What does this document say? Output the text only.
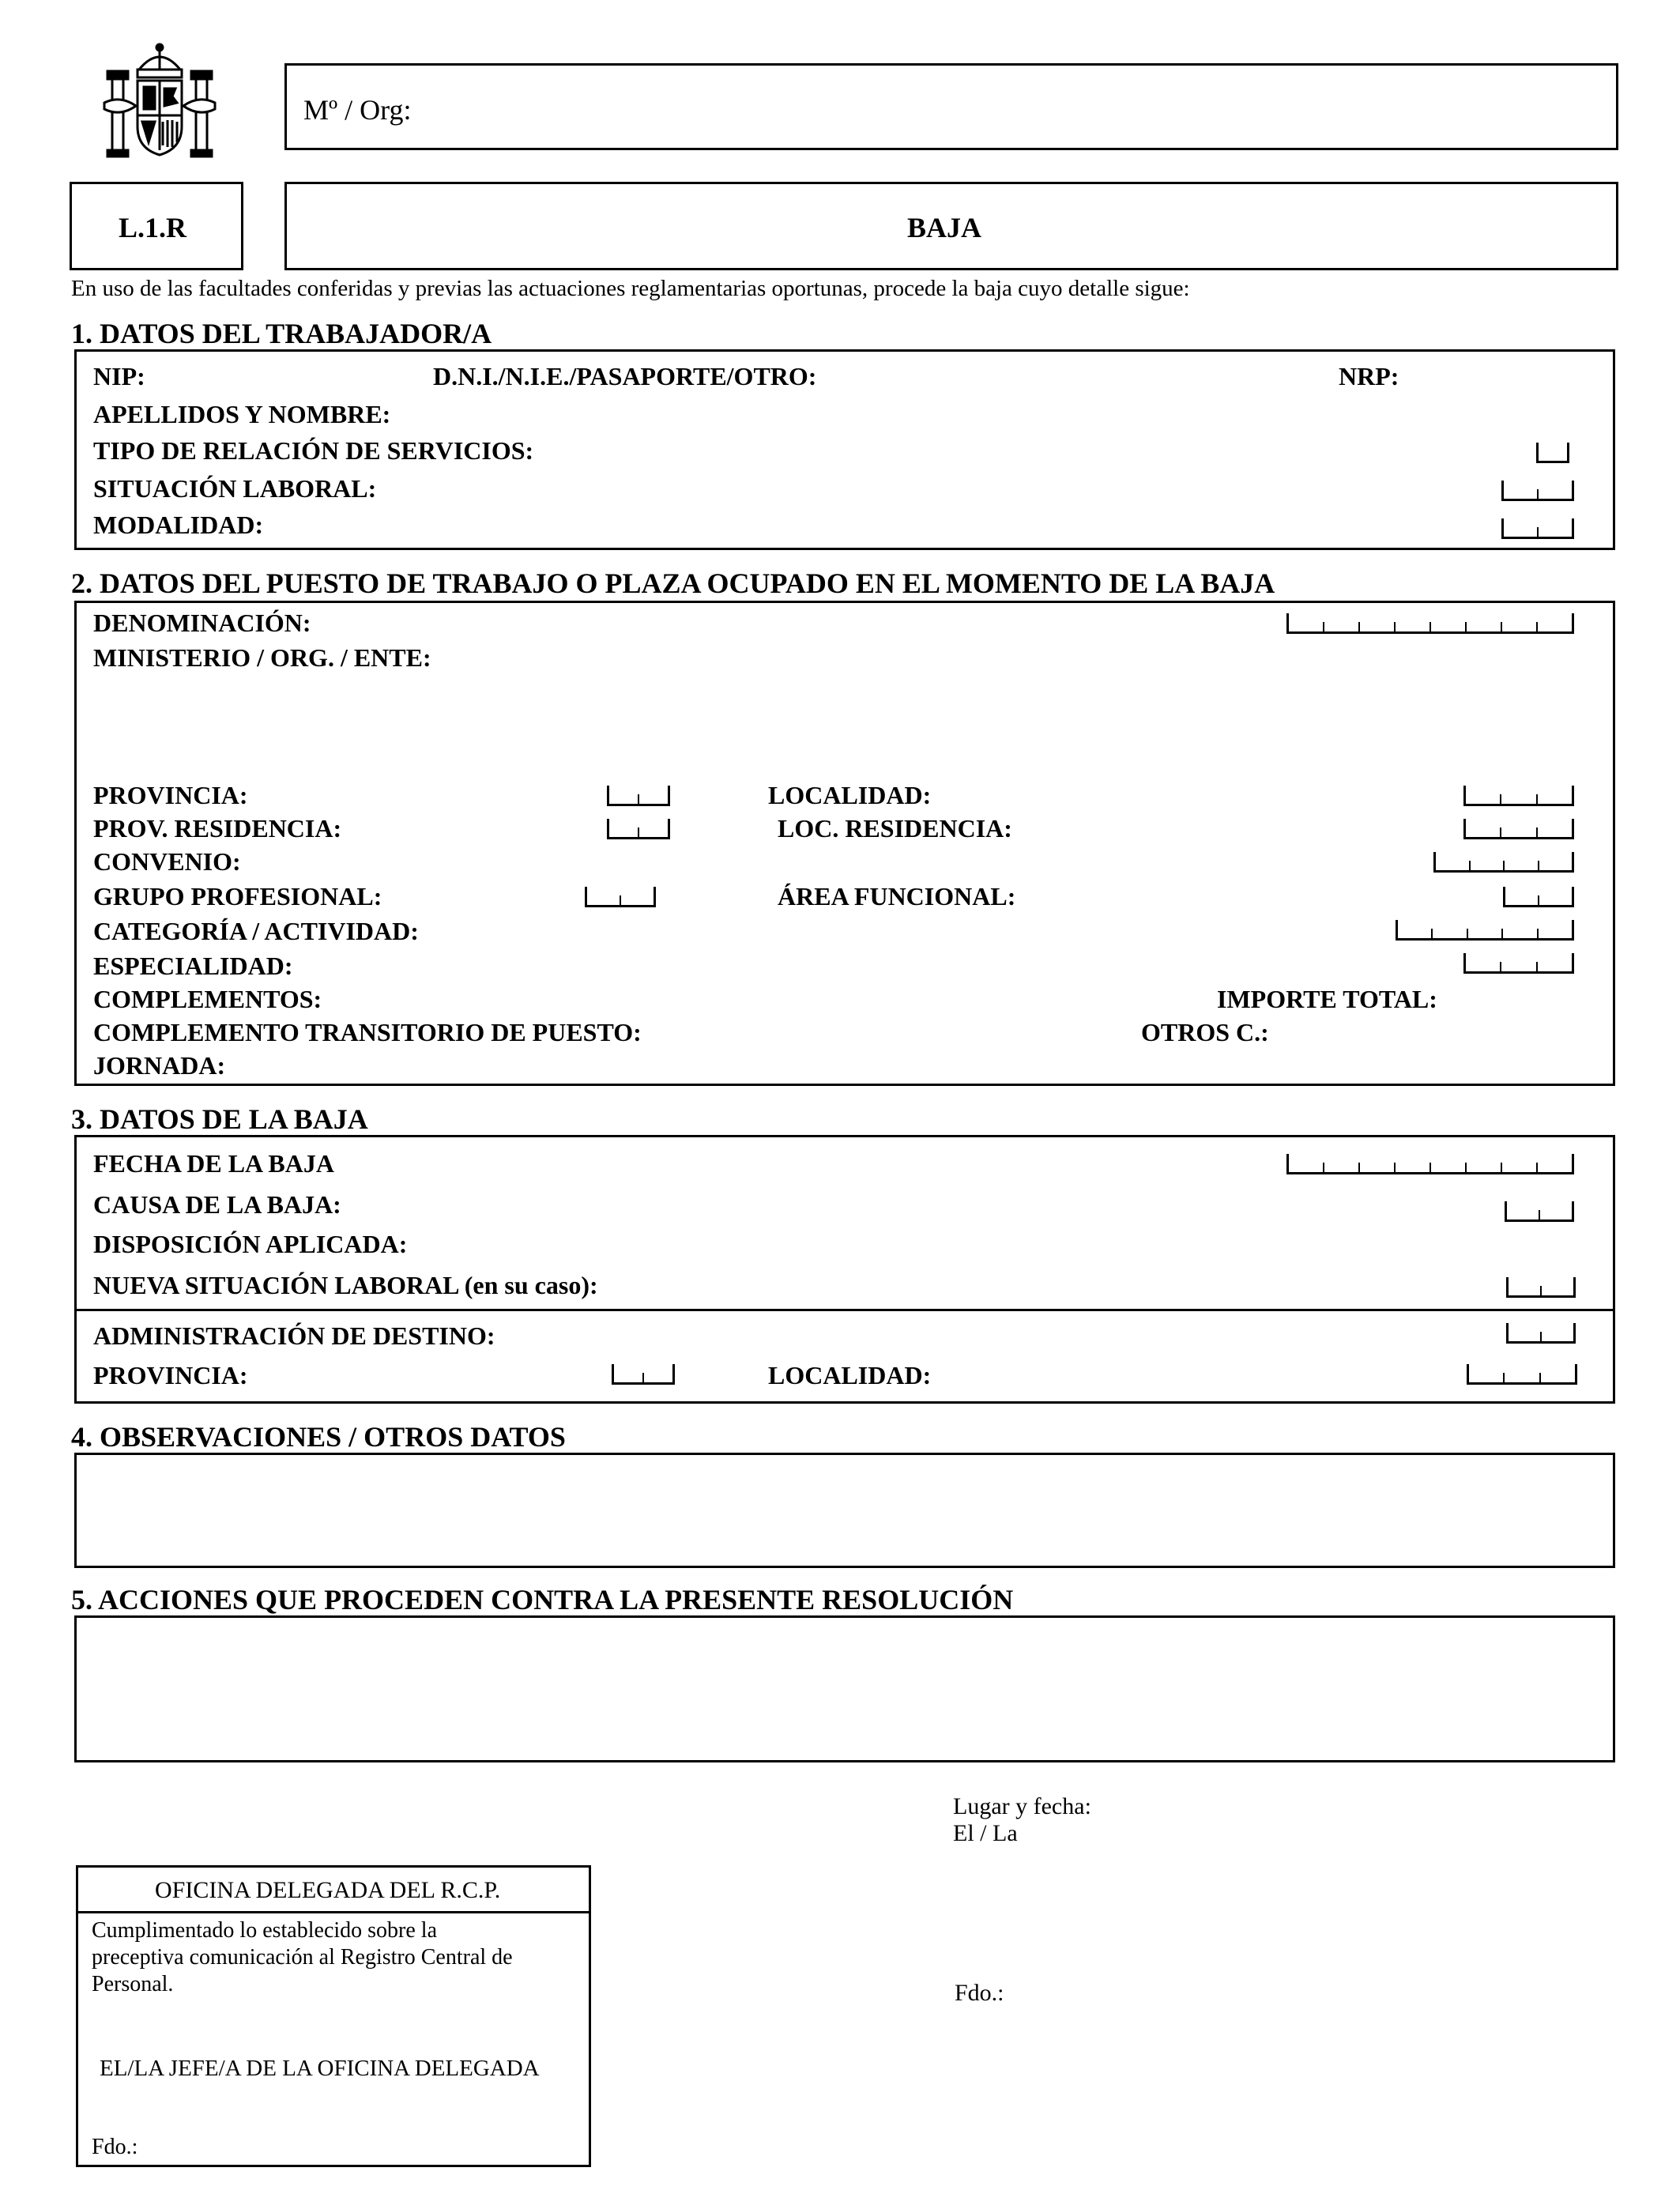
Mº / Org:
L.1.R	BAJA
En uso de las facultades conferidas y previas las actuaciones reglamentarias oportunas, procede la baja cuyo detalle sigue:
1. DATOS DEL TRABAJADOR/A
NIP:	D.N.I./N.I.E./PASAPORTE/OTRO:	NRP:
APELLIDOS Y NOMBRE:
TIPO DE RELACIÓN DE SERVICIOS:
SITUACIÓN LABORAL:
MODALIDAD:
2. DATOS DEL PUESTO DE TRABAJO O PLAZA OCUPADO EN EL MOMENTO DE LA BAJA
DENOMINACIÓN:
MINISTERIO / ORG. / ENTE:
PROVINCIA:	LOCALIDAD:
PROV. RESIDENCIA:	LOC. RESIDENCIA:
CONVENIO:
GRUPO PROFESIONAL:	ÁREA FUNCIONAL:
CATEGORÍA / ACTIVIDAD:
ESPECIALIDAD:
COMPLEMENTOS:	IMPORTE TOTAL:
COMPLEMENTO TRANSITORIO DE PUESTO:	OTROS C.:
JORNADA:
3. DATOS DE LA BAJA
FECHA DE LA BAJA
CAUSA DE LA BAJA:
DISPOSICIÓN APLICADA:
NUEVA SITUACIÓN LABORAL (en su caso):
ADMINISTRACIÓN DE DESTINO:
PROVINCIA:	LOCALIDAD:
4. OBSERVACIONES / OTROS DATOS
5. ACCIONES QUE PROCEDEN CONTRA LA PRESENTE RESOLUCIÓN
Lugar y fecha:
El / La
Fdo.:
OFICINA DELEGADA DEL R.C.P.
Cumplimentado lo establecido sobre la
preceptiva comunicación al Registro Central de
Personal.
EL/LA JEFE/A DE LA OFICINA DELEGADA
Fdo.:
